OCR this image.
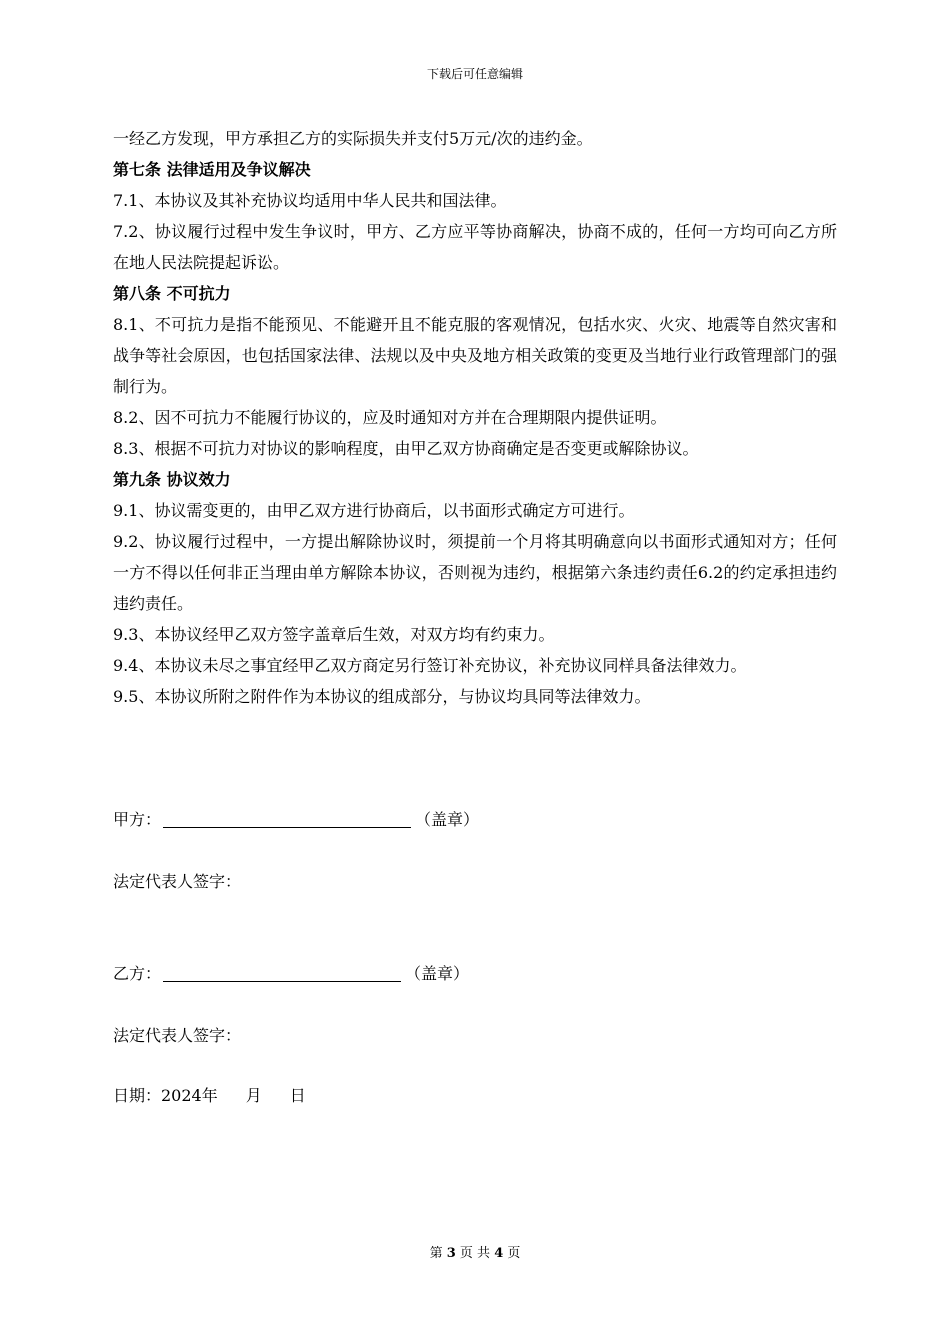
下载后可任意编辑

一经乙方发现，甲方承担乙方的实际损失并支付5万元/次的违约金。

第七条 法律适用及争议解决

7.1、本协议及其补充协议均适用中华人民共和国法律。

7.2、协议履行过程中发生争议时，甲方、乙方应平等协商解决，协商不成的，任何一方均可向乙方所在地人民法院提起诉讼。

第八条 不可抗力

8.1、不可抗力是指不能预见、不能避开且不能克服的客观情况，包括水灾、火灾、地震等自然灾害和战争等社会原因，也包括国家法律、法规以及中央及地方相关政策的变更及当地行业行政管理部门的强制行为。

8.2、因不可抗力不能履行协议的，应及时通知对方并在合理期限内提供证明。

8.3、根据不可抗力对协议的影响程度，由甲乙双方协商确定是否变更或解除协议。

第九条 协议效力

9.1、协议需变更的，由甲乙双方进行协商后，以书面形式确定方可进行。

9.2、协议履行过程中，一方提出解除协议时，须提前一个月将其明确意向以书面形式通知对方；任何一方不得以任何非正当理由单方解除本协议，否则视为违约，根据第六条违约责任6.2的约定承担违约违约责任。

9.3、本协议经甲乙双方签字盖章后生效，对双方均有约束力。

9.4、本协议未尽之事宜经甲乙双方商定另行签订补充协议，补充协议同样具备法律效力。

9.5、本协议所附之附件作为本协议的组成部分，与协议均具同等法律效力。

甲方：	（盖章）
法定代表人签字：
乙方：	（盖章）
法定代表人签字：
日期：2024年 月 日
第 3 页 共 4 页
